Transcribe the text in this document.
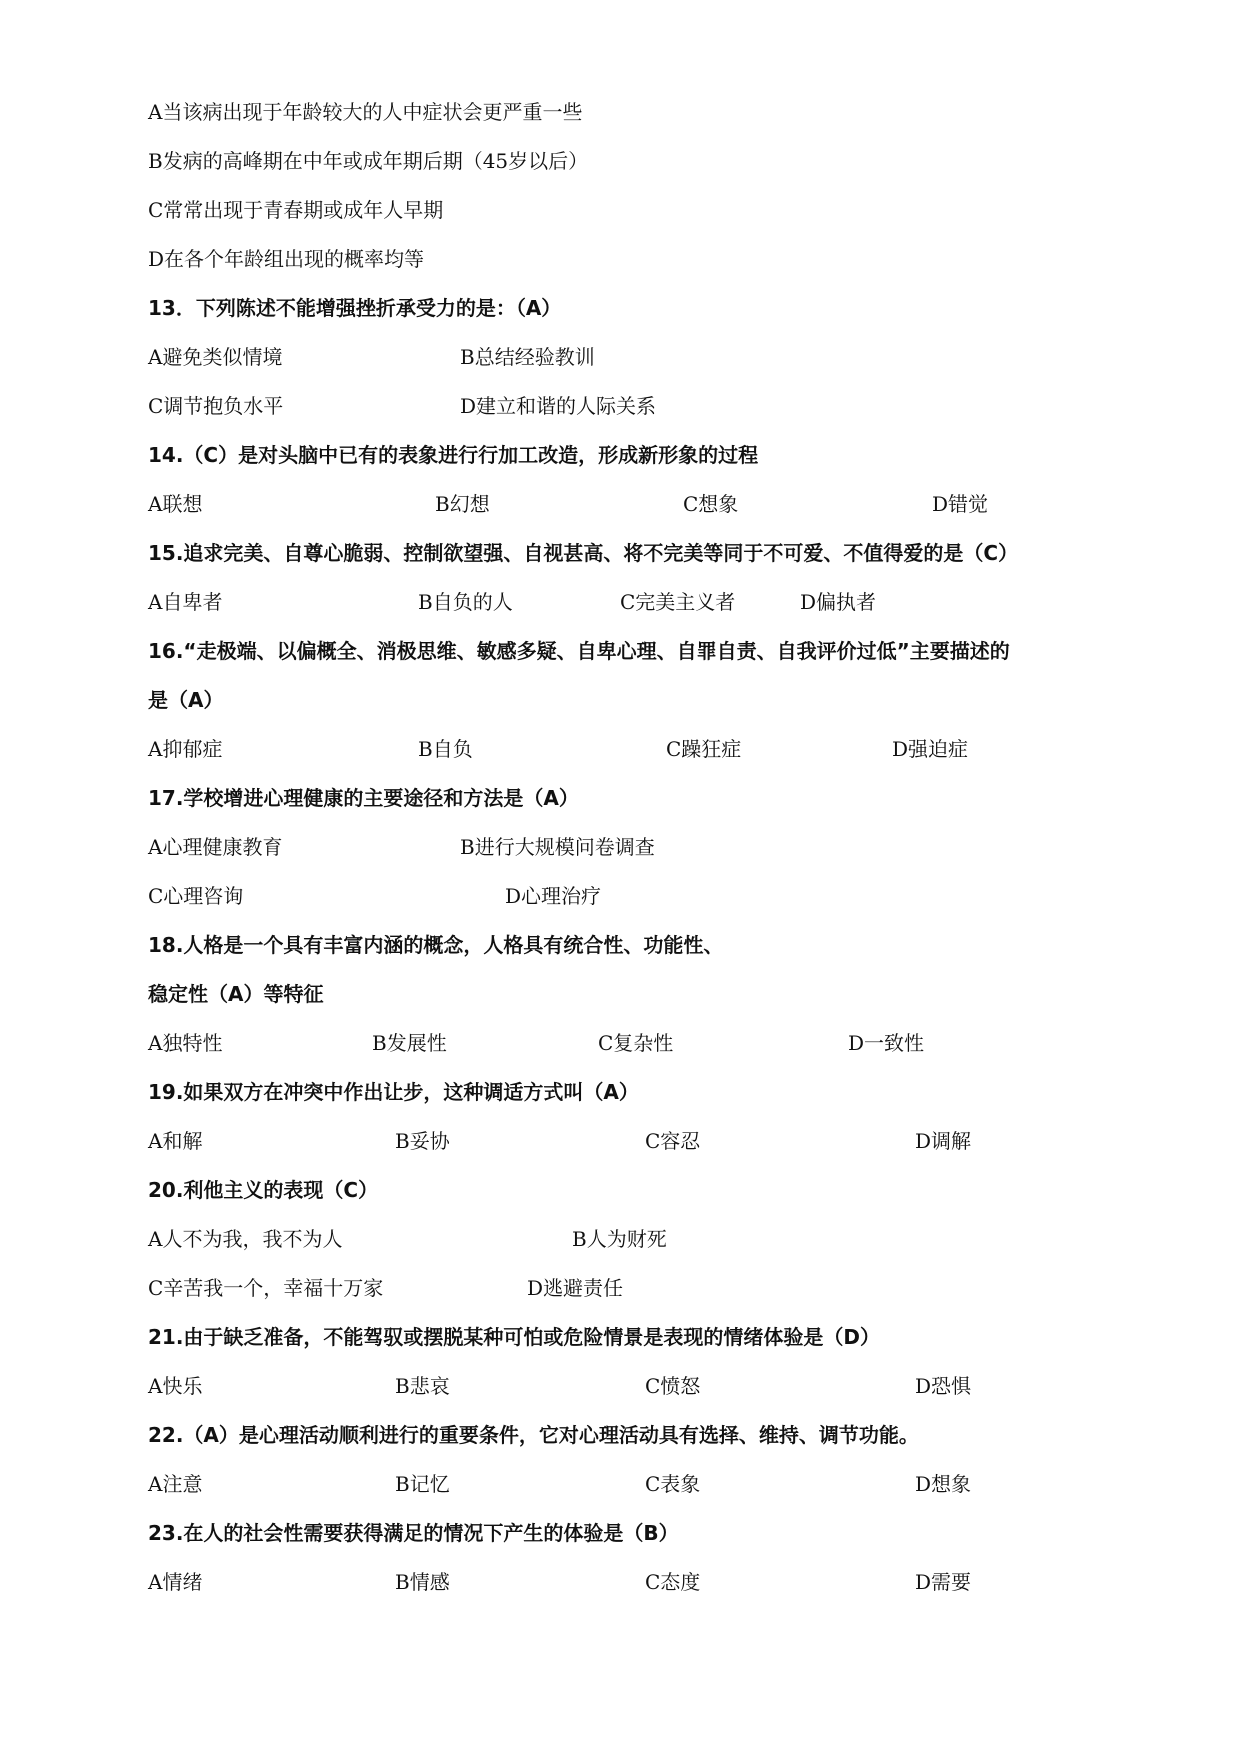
A当该病出现于年龄较大的人中症状会更严重一些
B发病的高峰期在中年或成年期后期（45岁以后）
C常常出现于青春期或成年人早期
D在各个年龄组出现的概率均等
13．下列陈述不能增强挫折承受力的是：（A）
A避免类似情境	B总结经验教训
C调节抱负水平	D建立和谐的人际关系
14.（C）是对头脑中已有的表象进行行加工改造，形成新形象的过程
A联想	B幻想	C想象	D错觉
15.追求完美、自尊心脆弱、控制欲望强、自视甚高、将不完美等同于不可爱、不值得爱的是（C）
A自卑者	B自负的人	C完美主义者	D偏执者
16.“走极端、以偏概全、消极思维、敏感多疑、自卑心理、自罪自责、自我评价过低”主要描述的
是（A）
A抑郁症	B自负	C躁狂症	D强迫症
17.学校增进心理健康的主要途径和方法是（A）
A心理健康教育	B进行大规模问卷调查
C心理咨询	D心理治疗
18.人格是一个具有丰富内涵的概念，人格具有统合性、功能性、
稳定性（A）等特征
A独特性	B发展性	C复杂性	D一致性
19.如果双方在冲突中作出让步，这种调适方式叫（A）
A和解	B妥协	C容忍	D调解
20.利他主义的表现（C）
A人不为我，我不为人	B人为财死
C辛苦我一个，幸福十万家	D逃避责任
21.由于缺乏准备，不能驾驭或摆脱某种可怕或危险情景是表现的情绪体验是（D）
A快乐	B悲哀	C愤怒	D恐惧
22.（A）是心理活动顺利进行的重要条件，它对心理活动具有选择、维持、调节功能。
A注意	B记忆	C表象	D想象
23.在人的社会性需要获得满足的情况下产生的体验是（B）
A情绪	B情感	C态度	D需要
